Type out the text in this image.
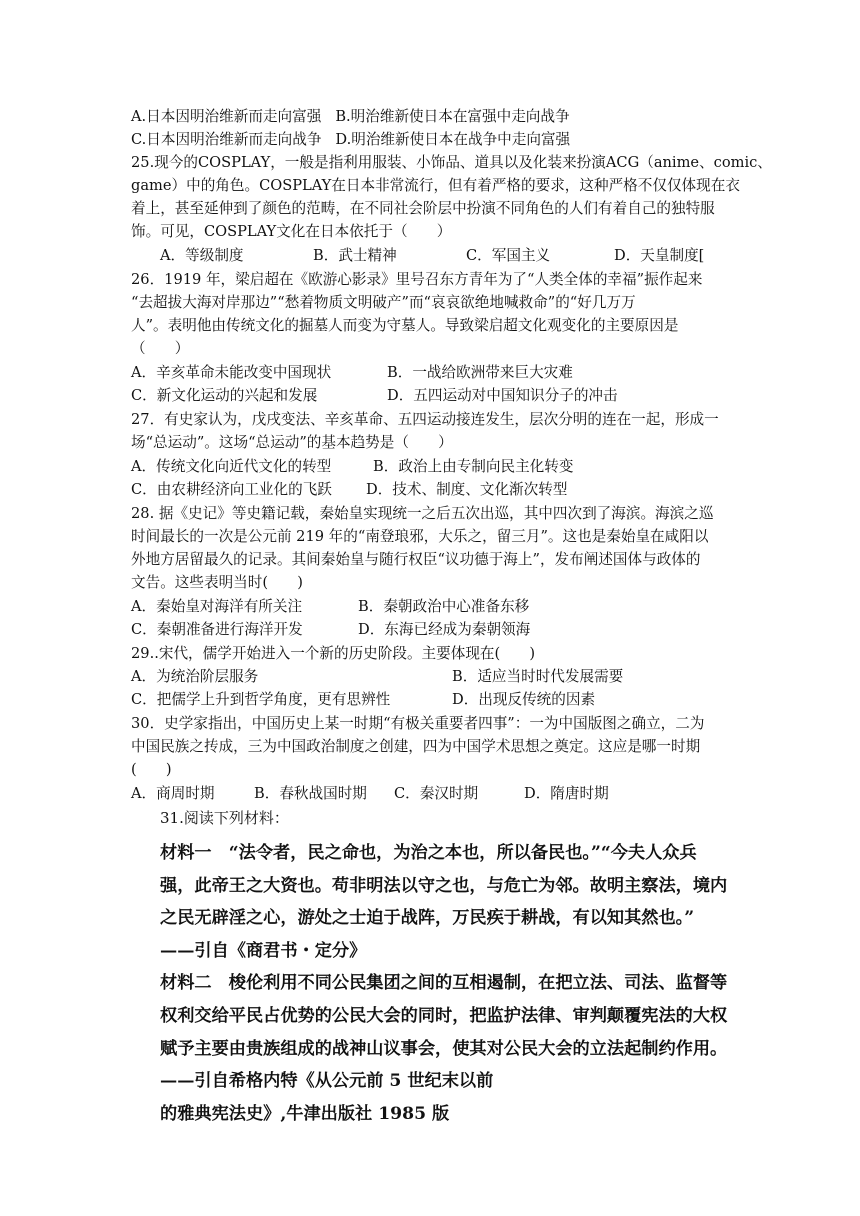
A.日本因明治维新而走向富强 B.明治维新使日本在富强中走向战争
C.日本因明治维新而走向战争 D.明治维新使日本在战争中走向富强
25.现今的COSPLAY，一般是指利用服装、小饰品、道具以及化装来扮演ACG（anime、comic、
game）中的角色。COSPLAY在日本非常流行，但有着严格的要求，这种严格不仅仅体现在衣
着上，甚至延伸到了颜色的范畴，在不同社会阶层中扮演不同角色的人们有着自己的独特服
饰。可见，COSPLAY文化在日本依托于（　　）
A．等级制度	B．武士精神	C．军国主义	D．天皇制度[
26．1919 年，梁启超在《欧游心影录》里号召东方青年为了“人类全体的幸福”振作起来
“去超拔大海对岸那边”“愁着物质文明破产”而“哀哀欲绝地喊救命”的“好几万万
人”。表明他由传统文化的掘墓人而变为守墓人。导致梁启超文化观变化的主要原因是
（　　）
A．辛亥革命未能改变中国现状	B．一战给欧洲带来巨大灾难
C．新文化运动的兴起和发展	D．五四运动对中国知识分子的冲击
27．有史家认为，戊戌变法、辛亥革命、五四运动接连发生，层次分明的连在一起，形成一
场“总运动”。这场“总运动”的基本趋势是（　　）
A．传统文化向近代文化的转型	B．政治上由专制向民主化转变
C．由农耕经济向工业化的飞跃 D．技术、制度、文化渐次转型
28. 据《史记》等史籍记载，秦始皇实现统一之后五次出巡，其中四次到了海滨。海滨之巡
时间最长的一次是公元前 219 年的“南登琅邪，大乐之，留三月”。这也是秦始皇在咸阳以
外地方居留最久的记录。其间秦始皇与随行权臣“议功德于海上”，发布阐述国体与政体的
文告。这些表明当时(　　)
A．秦始皇对海洋有所关注	B．秦朝政治中心准备东移
C．秦朝准备进行海洋开发	D．东海已经成为秦朝领海
29..宋代，儒学开始进入一个新的历史阶段。主要体现在(　　)
A．为统治阶层服务	B．适应当时时代发展需要
C．把儒学上升到哲学角度，更有思辨性	D．出现反传统的因素
30．史学家指出，中国历史上某一时期“有极关重要者四事”：一为中国版图之确立，二为
中国民族之抟成，三为中国政治制度之创建，四为中国学术思想之奠定。这应是哪一时期
(　　)
A．商周时期	B．春秋战国时期 C．秦汉时期	D．隋唐时期
31.阅读下列材料：
材料一　“法令者，民之命也，为治之本也，所以备民也。”“今夫人众兵
强，此帝王之大资也。苟非明法以守之也，与危亡为邻。故明主察法，境内
之民无辟淫之心，游处之士迫于战阵，万民疾于耕战，有以知其然也。”
——引自《商君书・定分》
材料二　梭伦利用不同公民集团之间的互相遏制，在把立法、司法、监督等
权利交给平民占优势的公民大会的同时，把监护法律、审判颠覆宪法的大权
赋予主要由贵族组成的战神山议事会，使其对公民大会的立法起制约作用。
——引自希格内特《从公元前 5 世纪末以前
的雅典宪法史》,牛津出版社 1985 版
